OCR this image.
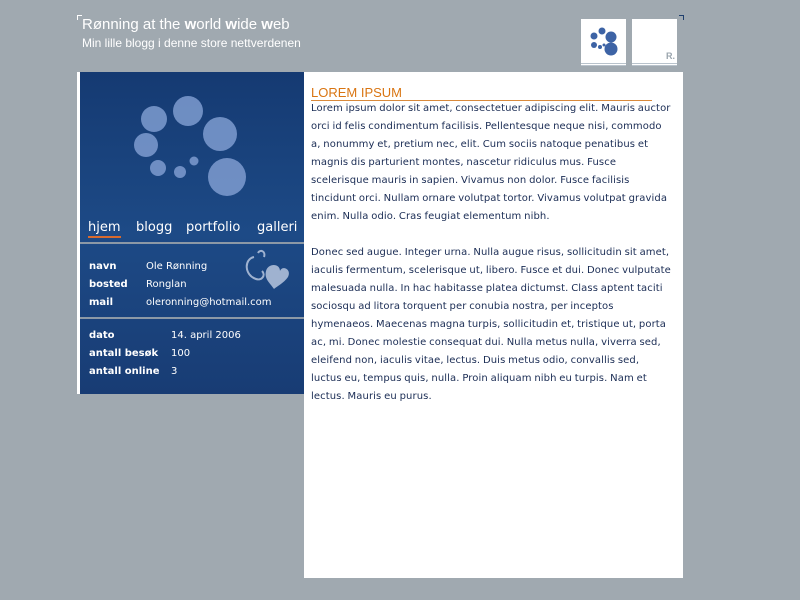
Rønning at the world wide web
Min lille blogg i denne store nettverdenen
R.
hjem blogg portfolio galleri
navn	Ole Rønning
bosted	Ronglan
mail	oleronning@hotmail.com
dato	14. april 2006
antall besøk	100
antall online	3
LOREM IPSUM

Lorem ipsum dolor sit amet, consectetuer adipiscing elit. Mauris auctor orci id felis condimentum facilisis. Pellentesque neque nisi, commodo a, nonummy et, pretium nec, elit. Cum sociis natoque penatibus et magnis dis parturient montes, nascetur ridiculus mus. Fusce scelerisque mauris in sapien. Vivamus non dolor. Fusce facilisis tincidunt orci. Nullam ornare volutpat tortor. Vivamus volutpat gravida enim. Nulla odio. Cras feugiat elementum nibh.

Donec sed augue. Integer urna. Nulla augue risus, sollicitudin sit amet, iaculis fermentum, scelerisque ut, libero. Fusce et dui. Donec vulputate malesuada nulla. In hac habitasse platea dictumst. Class aptent taciti sociosqu ad litora torquent per conubia nostra, per inceptos hymenaeos. Maecenas magna turpis, sollicitudin et, tristique ut, porta ac, mi. Donec molestie consequat dui. Nulla metus nulla, viverra sed, eleifend non, iaculis vitae, lectus. Duis metus odio, convallis sed, luctus eu, tempus quis, nulla. Proin aliquam nibh eu turpis. Nam et lectus. Mauris eu purus.
